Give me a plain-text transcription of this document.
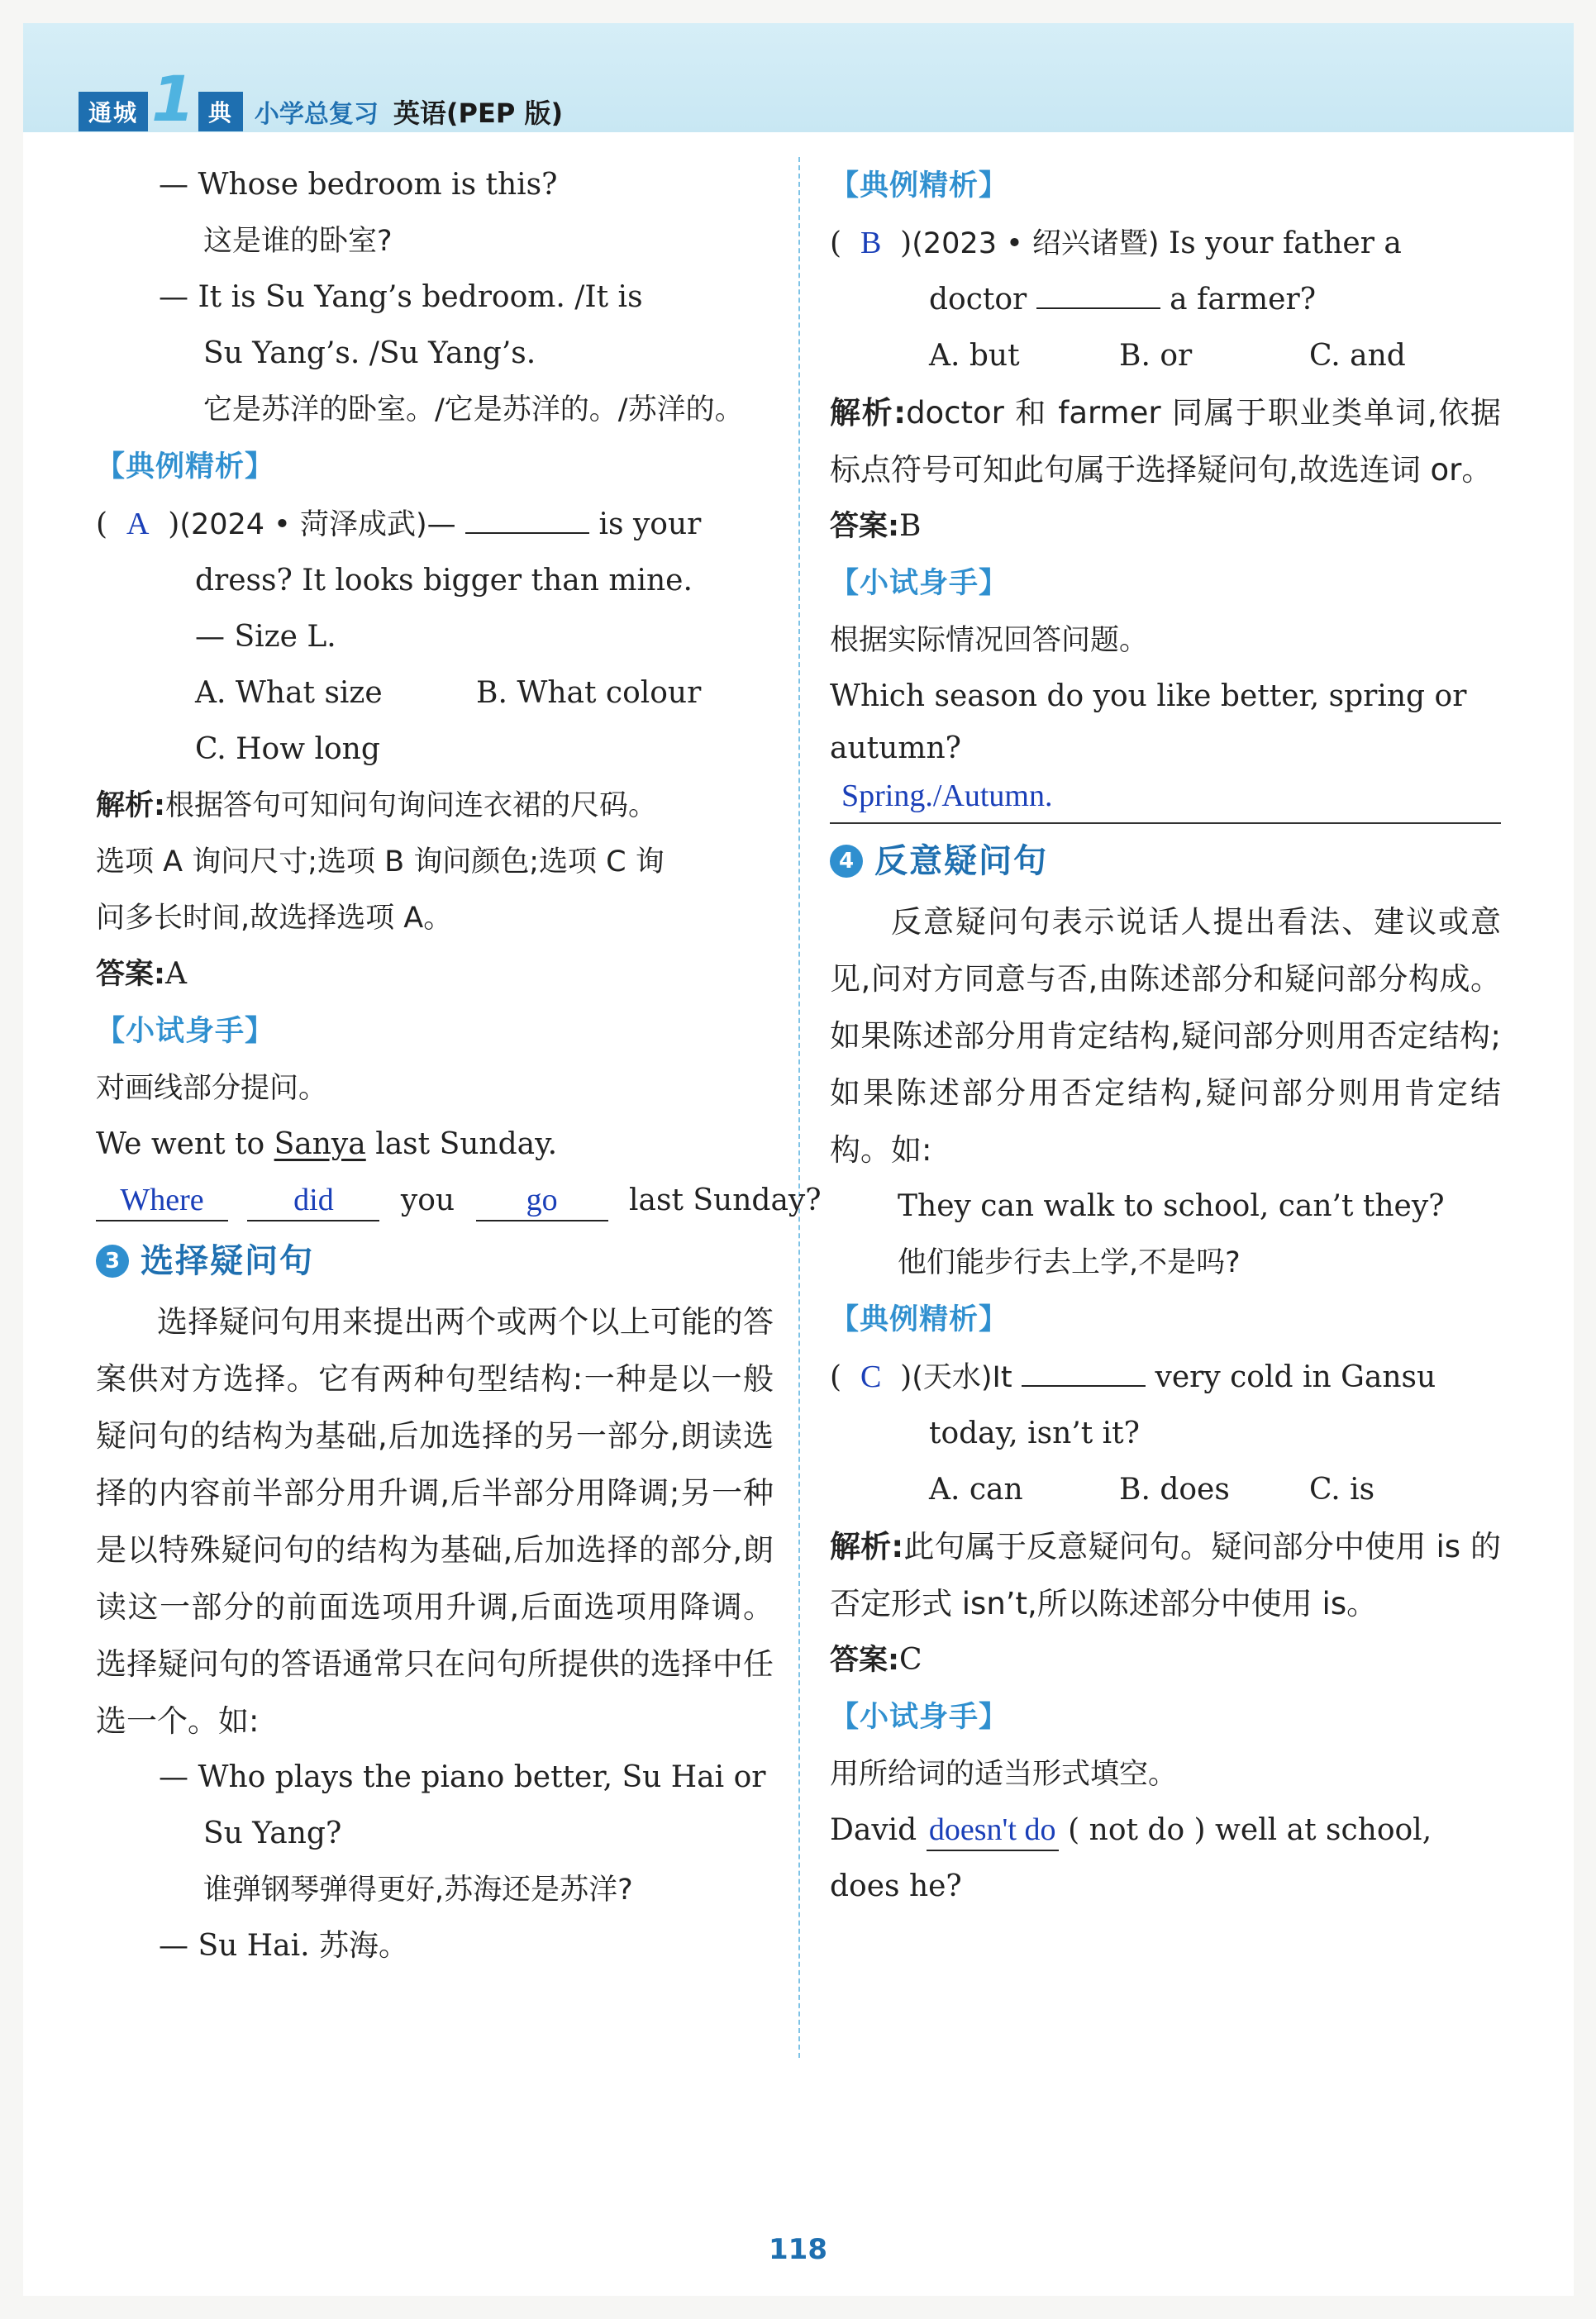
通城 1 典 小学总复习 英语(PEP 版)
— Whose bedroom is this?
这是谁的卧室?
— It is Su Yang’s bedroom. /It is
Su Yang’s. /Su Yang’s.
它是苏洋的卧室。/它是苏洋的。/苏洋的。
【典例精析】
(  A  )(2024 • 菏泽成武)—	is your
dress? It looks bigger than mine.
— Size L.
A. What size	B. What colour
C. How long
解析:根据答句可知问句询问连衣裙的尺码。
选项 A 询问尺寸;选项 B 询问颜色;选项 C 询
问多长时间,故选择选项 A。
答案:A
【小试身手】
对画线部分提问。
We went to Sanya last Sunday.
Where	did you go last Sunday?
3 选择疑问句
选择疑问句用来提出两个或两个以上可能的答案供对方选择。它有两种句型结构:一种是以一般疑问句的结构为基础,后加选择的另一部分,朗读选择的内容前半部分用升调,后半部分用降调;另一种是以特殊疑问句的结构为基础,后加选择的部分,朗读这一部分的前面选项用升调,后面选项用降调。选择疑问句的答语通常只在问句所提供的选择中任选一个。如:
— Who plays the piano better, Su Hai or
Su Yang?
谁弹钢琴弹得更好,苏海还是苏洋?
— Su Hai. 苏海。
【典例精析】
(  B  )(2023 • 绍兴诸暨) Is your father a
doctor	a farmer?
A. but	B. or	C. and
解析:doctor 和 farmer 同属于职业类单词,依据标点符号可知此句属于选择疑问句,故选连词 or。
答案:B
【小试身手】
根据实际情况回答问题。
Which season do you like better, spring or
autumn?
Spring./Autumn.
4 反意疑问句
反意疑问句表示说话人提出看法、建议或意见,问对方同意与否,由陈述部分和疑问部分构成。如果陈述部分用肯定结构,疑问部分则用否定结构;如果陈述部分用否定结构,疑问部分则用肯定结构。如:
They can walk to school, can’t they?
他们能步行去上学,不是吗?
【典例精析】
(  C  )(天水)It	very cold in Gansu
today, isn’t it?
A. can	B. does	C. is
解析:此句属于反意疑问句。疑问部分中使用 is 的否定形式 isn’t,所以陈述部分中使用 is。
答案:C
【小试身手】
用所给词的适当形式填空。
David doesn't do ( not do ) well at school,
does he?
118
